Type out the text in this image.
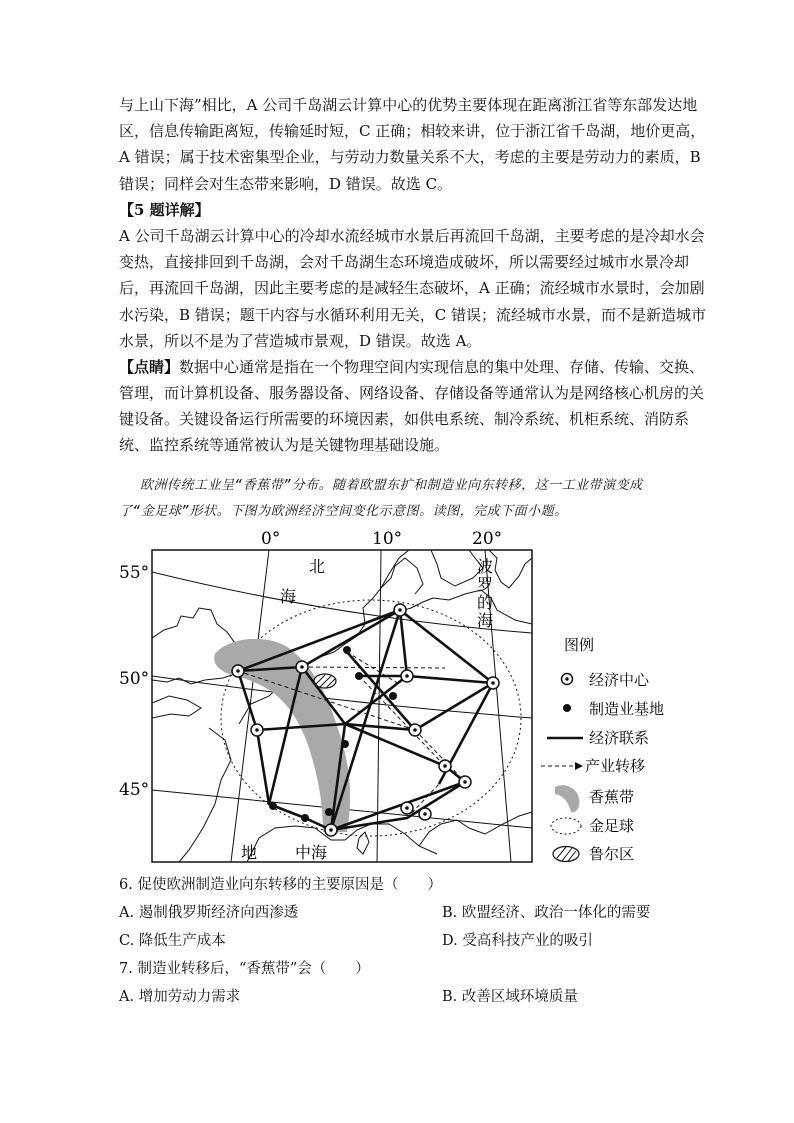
与上山下海”相比，A 公司千岛湖云计算中心的优势主要体现在距离浙江省等东部发达地
区，信息传输距离短，传输延时短，C 正确；相较来讲，位于浙江省千岛湖，地价更高，
A 错误；属于技术密集型企业，与劳动力数量关系不大，考虑的主要是劳动力的素质，B
错误；同样会对生态带来影响，D 错误。故选 C。
【5 题详解】
A 公司千岛湖云计算中心的冷却水流经城市水景后再流回千岛湖，主要考虑的是冷却水会
变热，直接排回到千岛湖，会对千岛湖生态环境造成破坏，所以需要经过城市水景冷却
后，再流回千岛湖，因此主要考虑的是减轻生态破坏，A 正确；流经城市水景时，会加剧
水污染，B 错误；题干内容与水循环利用无关，C 错误；流经城市水景，而不是新造城市
水景，所以不是为了营造城市景观，D 错误。故选 A。
【点睛】数据中心通常是指在一个物理空间内实现信息的集中处理、存储、传输、交换、
管理，而计算机设备、服务器设备、网络设备、存储设备等通常认为是网络核心机房的关
键设备。关键设备运行所需要的环境因素，如供电系统、制冷系统、机柜系统、消防系
统、监控系统等通常被认为是关键物理基础设施。
欧洲传统工业呈“香蕉带”分布。随着欧盟东扩和制造业向东转移，这一工业带演变成
了“金足球”形状。下图为欧洲经济空间变化示意图。读图，完成下面小题。
0°	10°	20°
55°
50°
45°
北
海
波
罗
的
海
地 中海
图例
经济中心
制造业基地
经济联系
产业转移
香蕉带
金足球
鲁尔区
6. 促使欧洲制造业向东转移的主要原因是（　　）
A. 遏制俄罗斯经济向西渗透	B. 欧盟经济、政治一体化的需要
C. 降低生产成本	D. 受高科技产业的吸引
7. 制造业转移后，“香蕉带”会（　　）
A. 增加劳动力需求	B. 改善区域环境质量
